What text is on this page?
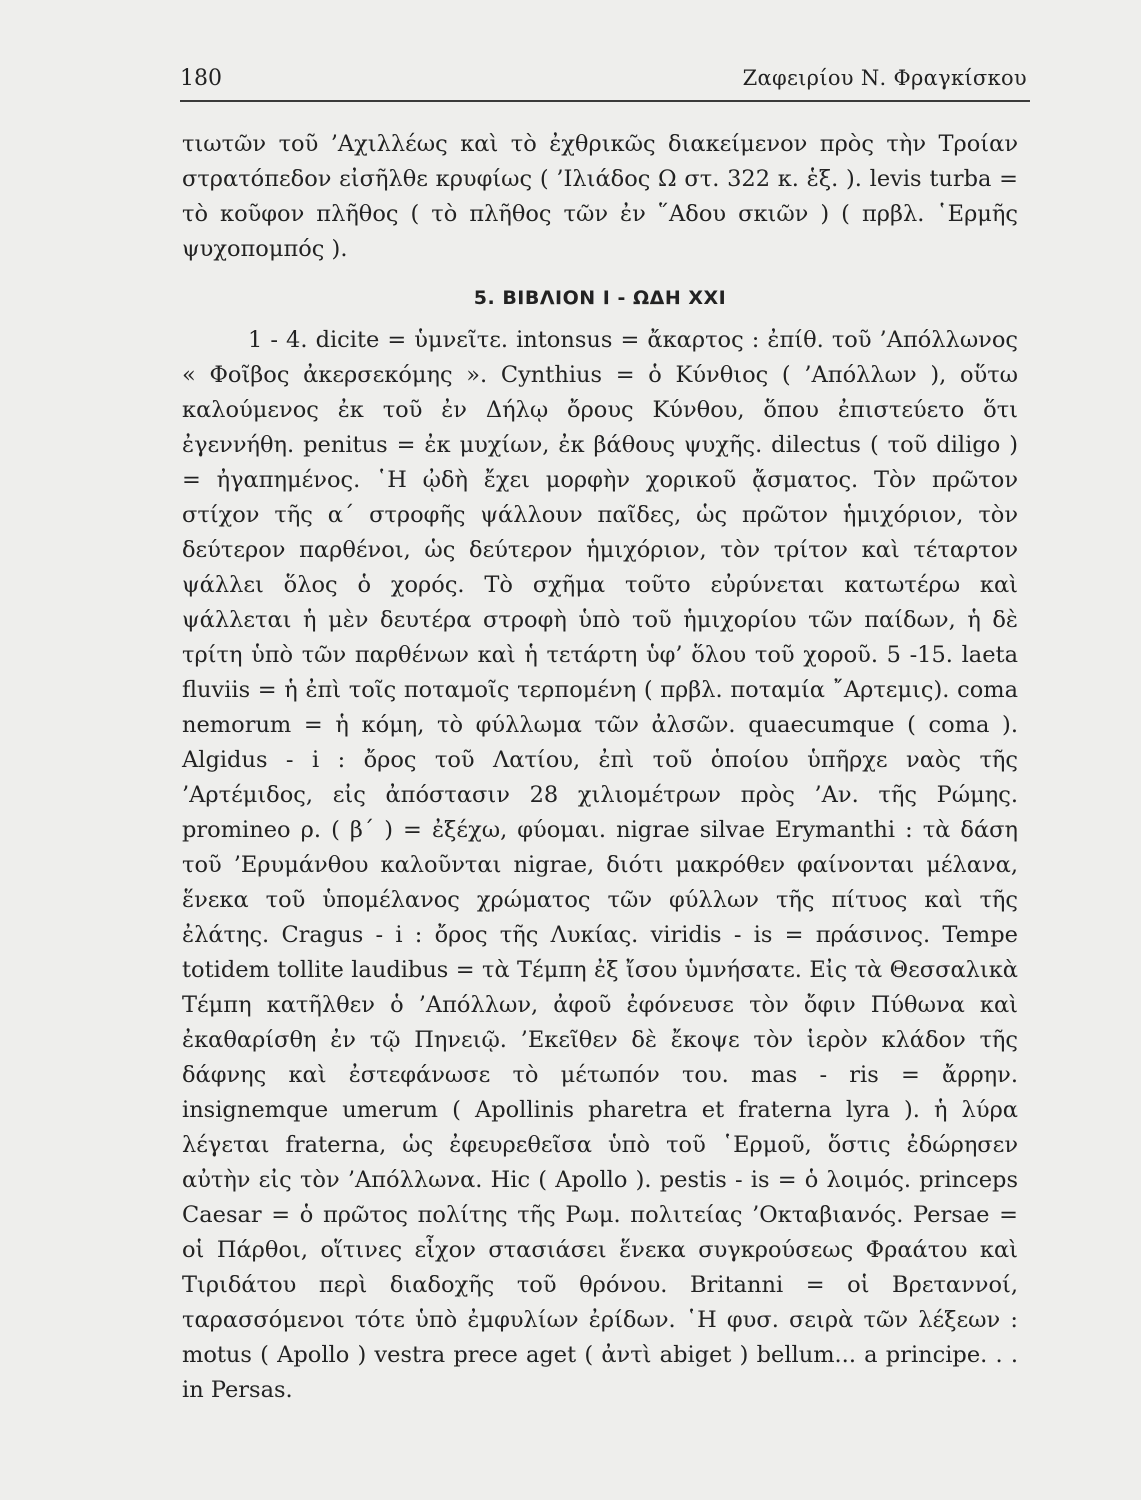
180	Ζαφειρίου Ν. Φραγκίσκου

τιωτῶν τοῦ ’Αχιλλέως καὶ τὸ ἐχθρικῶς διακείμενον πρὸς τὴν Τροίαν στρατόπεδον εἰσῆλθε κρυφίως ( ’Ιλιάδος Ω στ. 322 κ. ἑξ. ). levis turba = τὸ κοῦφον πλῆθος ( τὸ πλῆθος τῶν ἐν ῞Αδου σκιῶν ) ( πρβλ. ῾Ερμῆς ψυχοπομπός ).

5. ΒΙΒΛΙΟΝ Ι - ΩΔΗ XXI

1 - 4. dicite = ὑμνεῖτε. intonsus = ἄκαρτος : ἐπίθ. τοῦ ’Απόλλωνος « Φοῖβος ἀκερσεκόμης ». Cynthius = ὁ Κύνθιος ( ’Απόλλων ), οὕτω καλούμενος ἐκ τοῦ ἐν Δήλῳ ὄρους Κύνθου, ὅπου ἐπιστεύετο ὅτι ἐγεννήθη. penitus = ἐκ μυχίων, ἐκ βάθους ψυχῆς. dilectus ( τοῦ diligo ) = ἠγαπημένος. ῾Η ᾠδὴ ἔχει μορφὴν χορικοῦ ᾄσματος. Τὸν πρῶτον στίχον τῆς α΄ στροφῆς ψάλλουν παῖδες, ὡς πρῶτον ἡμιχόριον, τὸν δεύτερον παρθένοι, ὡς δεύτερον ἡμιχόριον, τὸν τρίτον καὶ τέταρτον ψάλλει ὅλος ὁ χορός. Τὸ σχῆμα τοῦτο εὐρύνεται κατωτέρω καὶ ψάλλεται ἡ μὲν δευτέρα στροφὴ ὑπὸ τοῦ ἡμιχορίου τῶν παίδων, ἡ δὲ τρίτη ὑπὸ τῶν παρθένων καὶ ἡ τετάρτη ὑφ’ ὅλου τοῦ χοροῦ. 5 -15. laeta fluviis = ἡ ἐπὶ τοῖς ποταμοῖς τερπομένη ( πρβλ. ποταμία ῎Αρτεμις). coma nemorum = ἡ κόμη, τὸ φύλλωμα τῶν ἀλσῶν. quaecumque ( coma ). Algidus - i : ὄρος τοῦ Λατίου, ἐπὶ τοῦ ὁποίου ὑπῆρχε ναὸς τῆς ’Αρτέμιδος, εἰς ἀπόστασιν 28 χιλιομέτρων πρὸς ’Αν. τῆς Ρώμης. promineo ρ. ( β΄ ) = ἐξέχω, φύομαι. nigrae silvae Erymanthi : τὰ δάση τοῦ ’Ερυμάνθου καλοῦνται nigrae, διότι μακρόθεν φαίνονται μέλανα, ἕνεκα τοῦ ὑπομέλανος χρώματος τῶν φύλλων τῆς πίτυος καὶ τῆς ἐλάτης. Cragus - i : ὄρος τῆς Λυκίας. viridis - is = πράσινος. Tempe totidem tollite laudibus = τὰ Τέμπη ἐξ ἴσου ὑμνήσατε. Εἰς τὰ Θεσσαλικὰ Τέμπη κατῆλθεν ὁ ’Απόλλων, ἀφοῦ ἐφόνευσε τὸν ὄφιν Πύθωνα καὶ ἐκαθαρίσθη ἐν τῷ Πηνειῷ. ’Εκεῖθεν δὲ ἔκοψε τὸν ἱερὸν κλάδον τῆς δάφνης καὶ ἐστεφάνωσε τὸ μέτωπόν του. mas - ris = ἄρρην. insignemque umerum ( Apollinis pharetra et fraterna lyra ). ἡ λύρα λέγεται fraterna, ὡς ἐφευρεθεῖσα ὑπὸ τοῦ ῾Ερμοῦ, ὅστις ἐδώρησεν αὐτὴν εἰς τὸν ’Απόλλωνα. Hic ( Apollo ). pestis - is = ὁ λοιμός. princeps Caesar = ὁ πρῶτος πολίτης τῆς Ρωμ. πολιτείας ’Οκταβιανός. Persae = οἱ Πάρθοι, οἵτινες εἶχον στασιάσει ἕνεκα συγκρούσεως Φραάτου καὶ Τιριδάτου περὶ διαδοχῆς τοῦ θρόνου. Britanni = οἱ Βρεταννοί, ταρασσόμενοι τότε ὑπὸ ἐμφυλίων ἐρίδων. ῾Η φυσ. σειρὰ τῶν λέξεων : motus ( Apollo ) vestra prece aget ( ἀντὶ abiget ) bellum... a principe. . . in Persas.
